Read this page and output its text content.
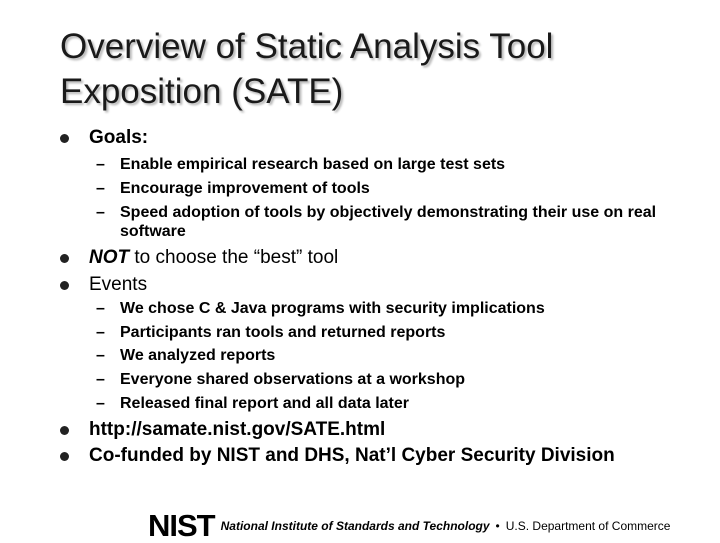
Overview of Static Analysis Tool
Exposition (SATE)
Goals:
– Enable empirical research based on large test sets
– Encourage improvement of tools
– Speed adoption of tools by objectively demonstrating their use on real software
NOT to choose the “best” tool
Events
– We chose C & Java programs with security implications
– Participants ran tools and returned reports
– We analyzed reports
– Everyone shared observations at a workshop
– Released final report and all data later
http://samate.nist.gov/SATE.html
Co-funded by NIST and DHS, Nat’l Cyber Security Division
NIST National Institute of Standards and Technology • U.S. Department of Commerce
